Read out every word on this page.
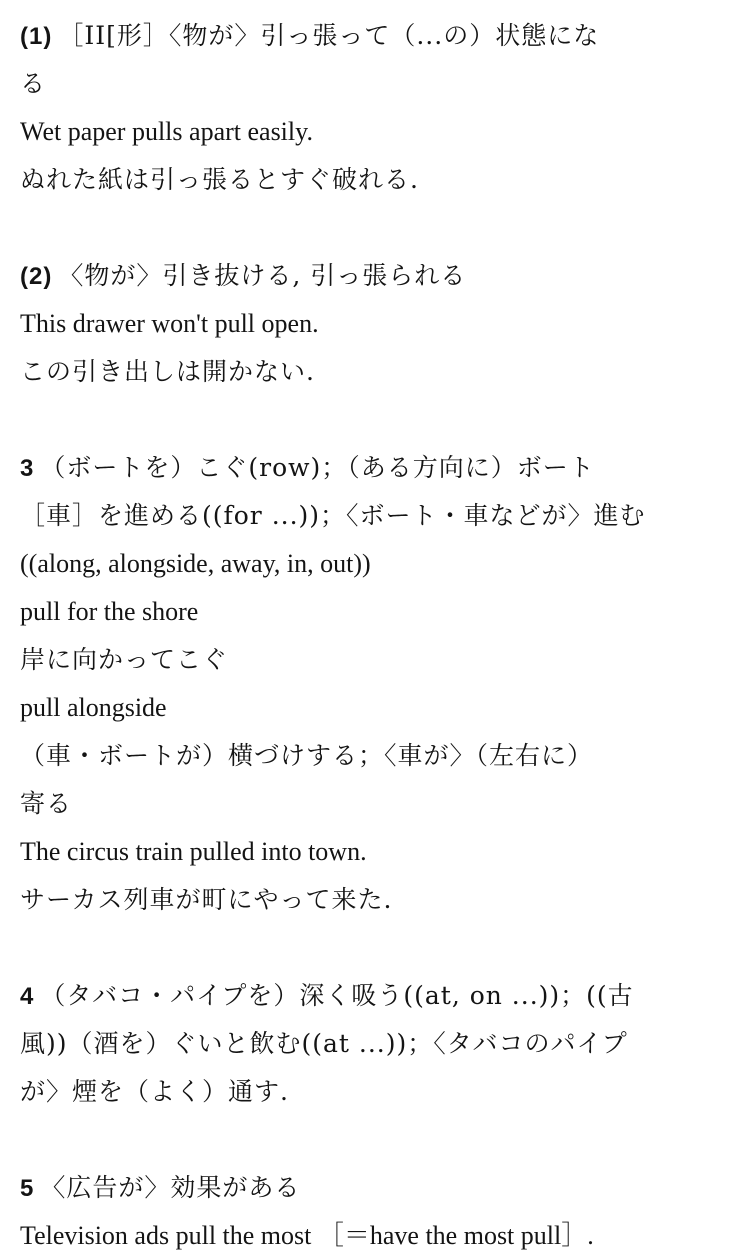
(1) ［II[形］〈物が〉引っ張って（...の）状態にな
る
Wet paper pulls apart easily.
ぬれた紙は引っ張るとすぐ破れる.
(2) 〈物が〉引き抜ける, 引っ張られる
This drawer won't pull open.
この引き出しは開かない.
3 （ボートを）こぐ(row)；（ある方向に）ボート
［車］を進める((for ...))；〈ボート・車などが〉進む
((along, alongside, away, in, out))
pull for the shore
岸に向かってこぐ
pull alongside
（車・ボートが）横づけする；〈車が〉（左右に）
寄る
The circus train pulled into town.
サーカス列車が町にやって来た.
4 （タバコ・パイプを）深く吸う((at, on ...))；((古
風))（酒を）ぐいと飲む((at ...))；〈タバコのパイプ
が〉煙を（よく）通す.
5 〈広告が〉効果がある
Television ads pull the most ［＝have the most pull］.
